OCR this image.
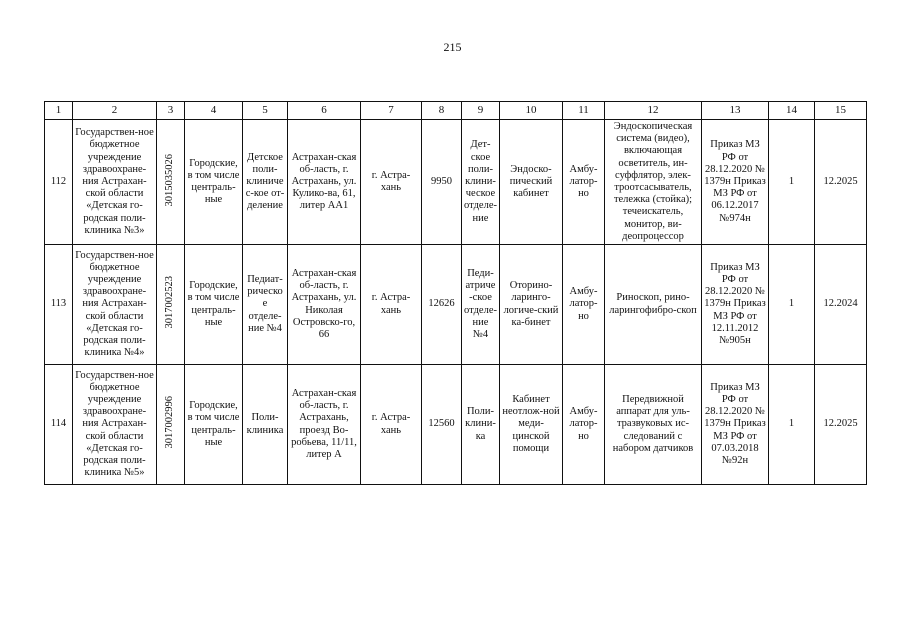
215
1	2	3	4	5	6	7	8	9	10	11	12	13	14	15
112	Государствен-ное бюджетное учреждение здравоохране-ния Астрахан-ской области «Детская го-родская поли-клиника №3»	3015035026	Городские, в том числе централь-ные	Детское поли-клиничес-кое от-деление	Астрахан-ская об-ласть, г. Астрахань, ул. Кулико-ва, 61, литер АА1	г. Астра-хань	9950	Дет-ское поли-клини-ческое отделе-ние	Эндоско-пический кабинет	Амбу-латор-но	Эндоскопическая система (видео), включающая осветитель, ин-суффлятор, элек-троотсасыватель, тележка (стойка); течеискатель, монитор, ви-деопроцессор	Приказ МЗ РФ от 28.12.2020 № 1379н Приказ МЗ РФ от 06.12.2017 №974н	1	12.2025
113	Государствен-ное бюджетное учреждение здравоохране-ния Астрахан-ской области «Детская го-родская поли-клиника №4»	3017002523	Городские, в том числе централь-ные	Педиат-рическое отделе-ние №4	Астрахан-ская об-ласть, г. Астрахань, ул. Николая Островско-го, 66	г. Астра-хань	12626	Педи-атриче-ское отделе-ние №4	Оторино-ларинго-логиче-ский ка-бинет	Амбу-латор-но	Риноскоп, рино-ларингофибро-скоп	Приказ МЗ РФ от 28.12.2020 № 1379н Приказ МЗ РФ от 12.11.2012 №905н	1	12.2024
114	Государствен-ное бюджетное учреждение здравоохране-ния Астрахан-ской области «Детская го-родская поли-клиника №5»	3017002996	Городские, в том числе централь-ные	Поли-клиника	Астрахан-ская об-ласть, г. Астрахань, проезд Во-робьева, 11/11, литер А	г. Астра-хань	12560	Поли-клини-ка	Кабинет неотлож-ной меди-цинской помощи	Амбу-латор-но	Передвижной аппарат для уль-тразвуковых ис-следований с набором датчиков	Приказ МЗ РФ от 28.12.2020 № 1379н Приказ МЗ РФ от 07.03.2018 №92н	1	12.2025
